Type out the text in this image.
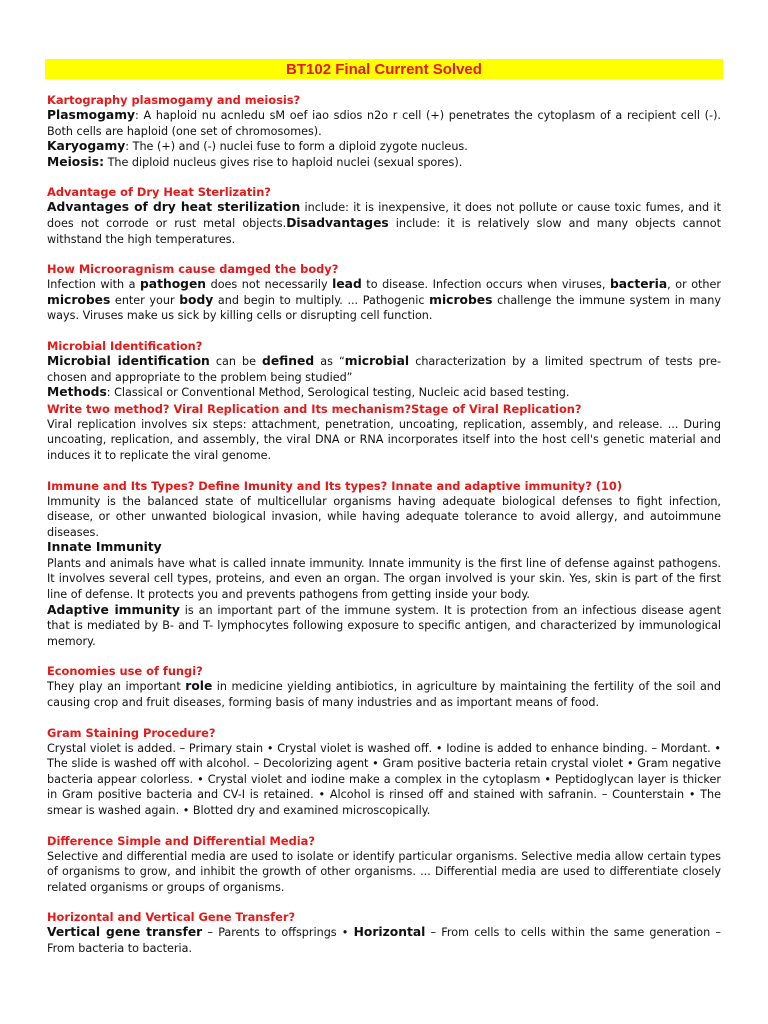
BT102 Final Current Solved
Kartography plasmogamy and meiosis?
Plasmogamy: A haploid nu acnledu sM oef iao sdios n2o r cell (+) penetrates the cytoplasm of a recipient cell (-). Both cells are haploid (one set of chromosomes).
Karyogamy: The (+) and (-) nuclei fuse to form a diploid zygote nucleus.
Meiosis: The diploid nucleus gives rise to haploid nuclei (sexual spores).
Advantage of Dry Heat Sterlizatin?
Advantages of dry heat sterilization include: it is inexpensive, it does not pollute or cause toxic fumes, and it does not corrode or rust metal objects.Disadvantages include: it is relatively slow and many objects cannot withstand the high temperatures.
How Microoragnism cause damged the body?
Infection with a pathogen does not necessarily lead to disease. Infection occurs when viruses, bacteria, or other microbes enter your body and begin to multiply. ... Pathogenic microbes challenge the immune system in many ways. Viruses make us sick by killing cells or disrupting cell function.
Microbial Identification?
Microbial identification can be defined as “microbial characterization by a limited spectrum of tests pre-chosen and appropriate to the problem being studied”
Methods: Classical or Conventional Method, Serological testing, Nucleic acid based testing.
Write two method? Viral Replication and Its mechanism?Stage of Viral Replication?
Viral replication involves six steps: attachment, penetration, uncoating, replication, assembly, and release. ... During uncoating, replication, and assembly, the viral DNA or RNA incorporates itself into the host cell's genetic material and induces it to replicate the viral genome.
Immune and Its Types? Define Imunity and Its types? Innate and adaptive immunity? (10)
Immunity is the balanced state of multicellular organisms having adequate biological defenses to fight infection, disease, or other unwanted biological invasion, while having adequate tolerance to avoid allergy, and autoimmune diseases.
Innate Immunity
Plants and animals have what is called innate immunity. Innate immunity is the first line of defense against pathogens. It involves several cell types, proteins, and even an organ. The organ involved is your skin. Yes, skin is part of the first line of defense. It protects you and prevents pathogens from getting inside your body.
Adaptive immunity is an important part of the immune system. It is protection from an infectious disease agent that is mediated by B- and T- lymphocytes following exposure to specific antigen, and characterized by immunological memory.
Economies use of fungi?
They play an important role in medicine yielding antibiotics, in agriculture by maintaining the fertility of the soil and causing crop and fruit diseases, forming basis of many industries and as important means of food.
Gram Staining Procedure?
Crystal violet is added. – Primary stain • Crystal violet is washed off. • Iodine is added to enhance binding. – Mordant. • The slide is washed off with alcohol. – Decolorizing agent • Gram positive bacteria retain crystal violet • Gram negative bacteria appear colorless. • Crystal violet and iodine make a complex in the cytoplasm • Peptidoglycan layer is thicker in Gram positive bacteria and CV-I is retained. • Alcohol is rinsed off and stained with safranin. – Counterstain • The smear is washed again. • Blotted dry and examined microscopically.
Difference Simple and Differential Media?
Selective and differential media are used to isolate or identify particular organisms. Selective media allow certain types of organisms to grow, and inhibit the growth of other organisms. ... Differential media are used to differentiate closely related organisms or groups of organisms.
Horizontal and Vertical Gene Transfer?
Vertical gene transfer – Parents to offsprings • Horizontal – From cells to cells within the same generation – From bacteria to bacteria.
